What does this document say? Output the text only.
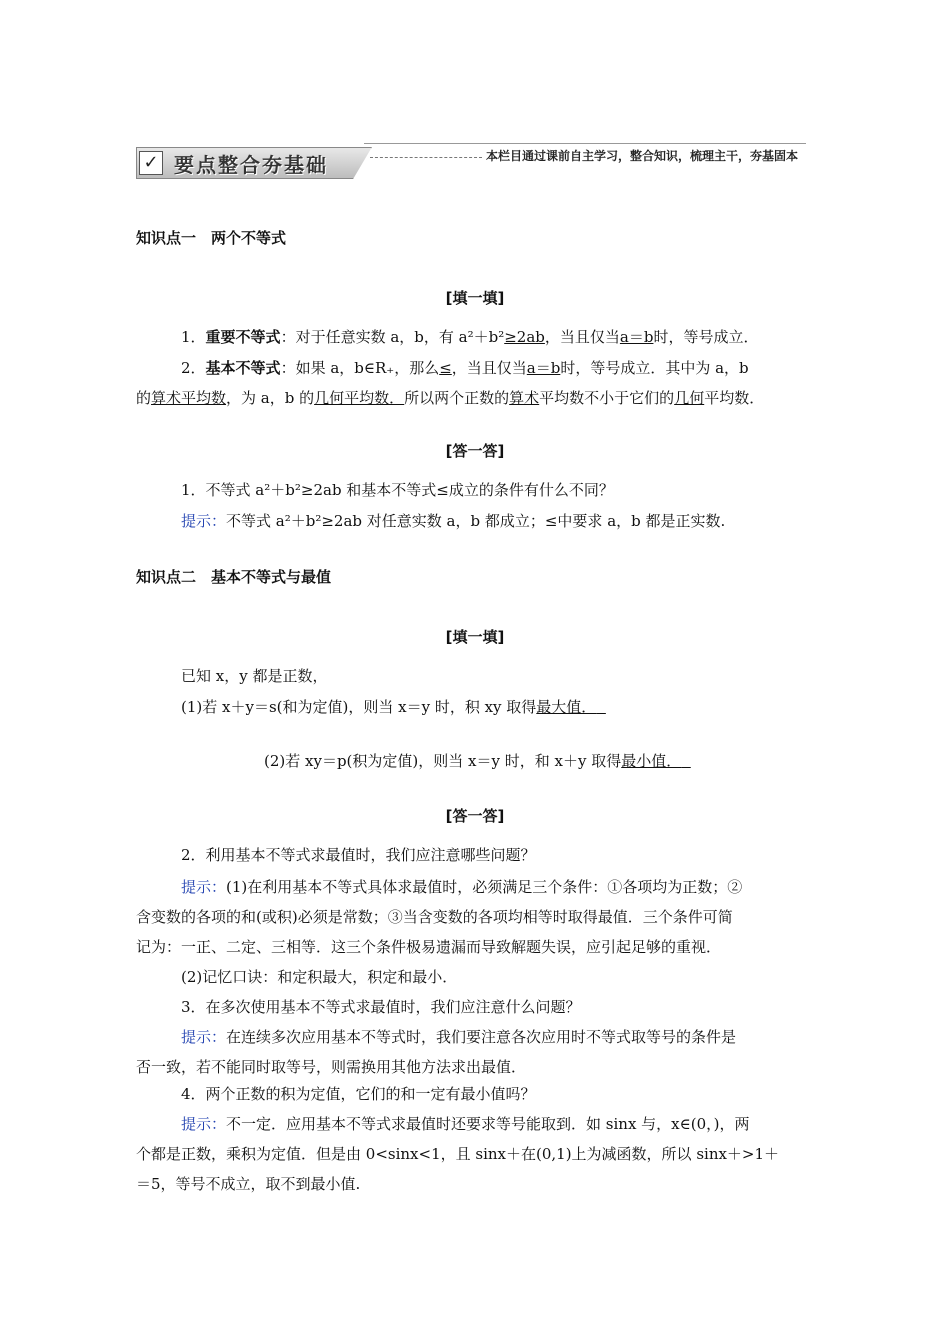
✓ 要点整合夯基础	本栏目通过课前自主学习，整合知识，梳理主干，夯基固本
知识点一　两个不等式
[填一填]
1．重要不等式：对于任意实数 a，b，有 a²＋b²≥2ab，当且仅当a＝b时，等号成立．
2．基本不等式：如果 a，b∈R₊，那么≤，当且仅当a＝b时，等号成立．其中为 a，b
的算术平均数，为 a，b 的几何平均数．所以两个正数的算术平均数不小于它们的几何平均数．
[答一答]
1．不等式 a²＋b²≥2ab 和基本不等式≤成立的条件有什么不同？
提示：不等式 a²＋b²≥2ab 对任意实数 a，b 都成立；≤中要求 a，b 都是正实数.
知识点二　基本不等式与最值
[填一填]
已知 x，y 都是正数，
(1)若 x＋y＝s(和为定值)，则当 x＝y 时，积 xy 取得最大值．
(2)若 xy＝p(积为定值)，则当 x＝y 时，和 x＋y 取得最小值．
[答一答]
2．利用基本不等式求最值时，我们应注意哪些问题？
提示：(1)在利用基本不等式具体求最值时，必须满足三个条件：①各项均为正数；②
含变数的各项的和(或积)必须是常数；③当含变数的各项均相等时取得最值．三个条件可简
记为：一正、二定、三相等．这三个条件极易遗漏而导致解题失误，应引起足够的重视．
(2)记忆口诀：和定积最大，积定和最小．
3．在多次使用基本不等式求最值时，我们应注意什么问题？
提示：在连续多次应用基本不等式时，我们要注意各次应用时不等式取等号的条件是
否一致，若不能同时取等号，则需换用其他方法求出最值．
4．两个正数的积为定值，它们的和一定有最小值吗？
提示：不一定．应用基本不等式求最值时还要求等号能取到．如 sinx 与，x∈(0，)，两
个都是正数，乘积为定值．但是由 0<sinx<1，且 sinx＋在(0,1)上为减函数，所以 sinx＋>1＋
＝5，等号不成立，取不到最小值.
